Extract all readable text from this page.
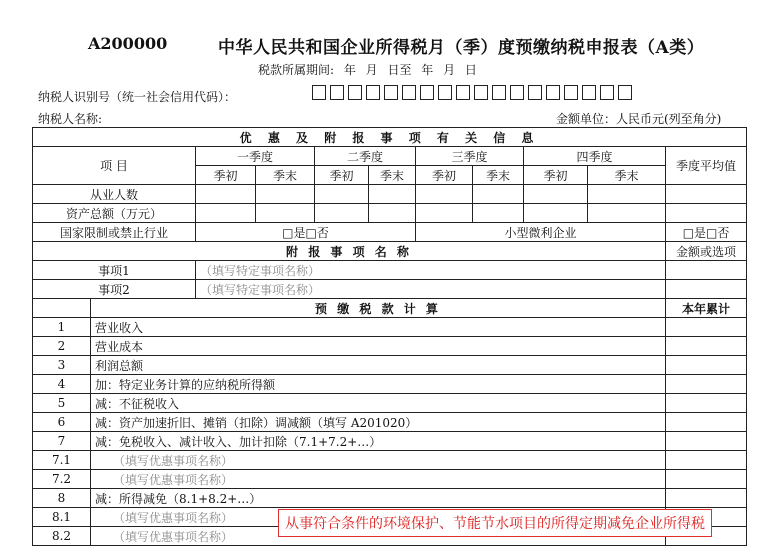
A200000	中华人民共和国企业所得税月（季）度预缴纳税申报表（A类）
税款所属期间: 年 月 日至 年 月 日
纳税人识别号（统一社会信用代码）：
纳税人名称:	金额单位：人民币元(列至角分)
优 惠 及 附 报 事 项 有 关 信 息										
项 目		一季度		二季度		三季度		四季度		季度平均值
		季初	季末	季初	季末	季初	季末	季初	季末	
从业人数										
资产总额（万元）										
国家限制或禁止行业		□是□否				小型微利企业				□是□否
附 报 事 项 名 称										金额或选项
事项1		（填写特定事项名称）								
事项2		（填写特定事项名称）								
	预 缴 税 款 计 算									本年累计
1	营业收入									
2	营业成本									
3	利润总额									
4	加：特定业务计算的应纳税所得额									
5	减：不征税收入									
6	减：资产加速折旧、摊销（扣除）调减额（填写 A201020）									
7	减：免税收入、减计收入、加计扣除（7.1+7.2+…）									
7.1	（填写优惠事项名称）									
7.2	（填写优惠事项名称）									
8	减：所得减免（8.1+8.2+…）									
8.1	（填写优惠事项名称）									
8.2	（填写优惠事项名称）									
从事符合条件的环境保护、节能节水项目的所得定期减免企业所得税
